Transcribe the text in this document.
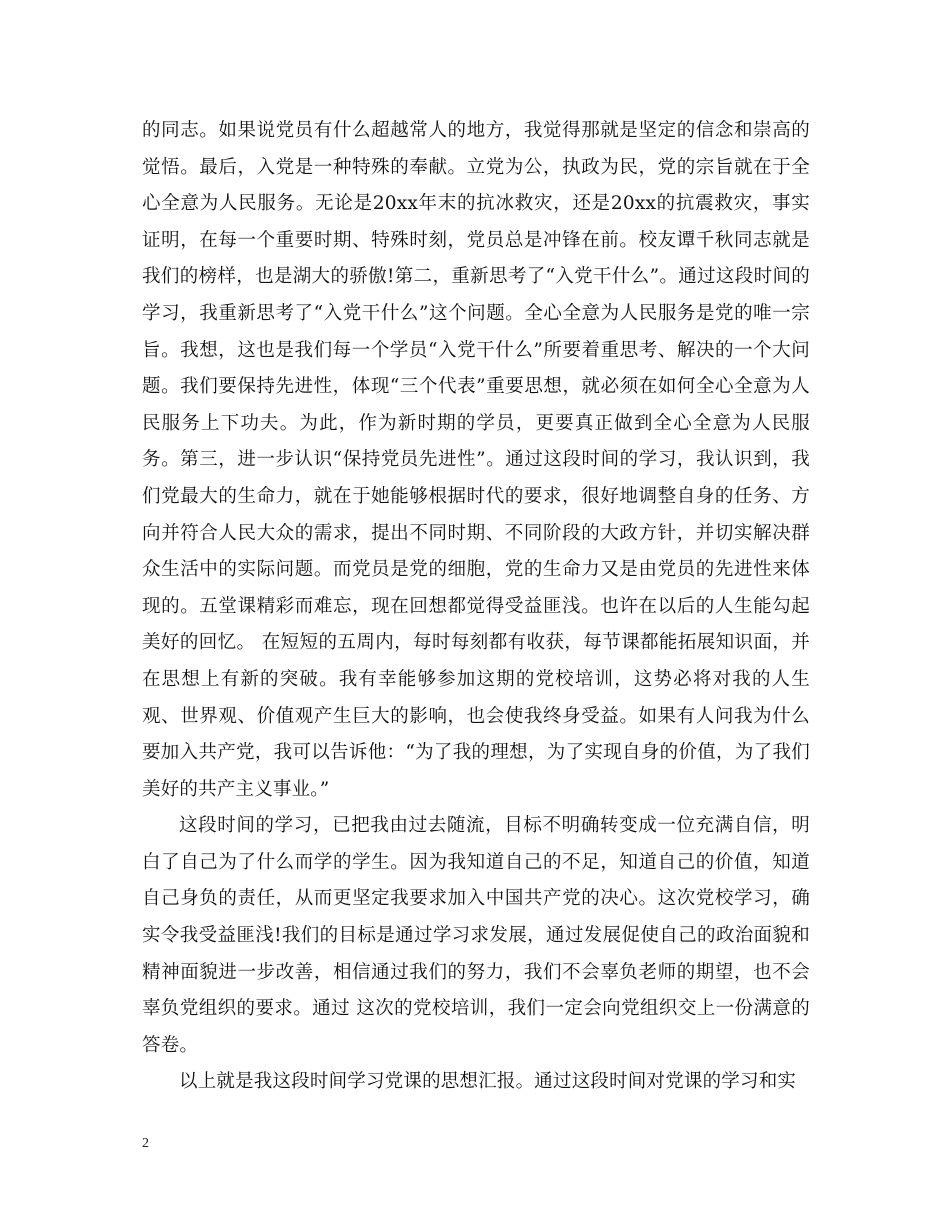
的同志。如果说党员有什么超越常人的地方，我觉得那就是坚定的信念和崇高的觉悟。最后，入党是一种特殊的奉献。立党为公，执政为民，党的宗旨就在于全心全意为人民服务。无论是20xx年末的抗冰救灾，还是20xx的抗震救灾，事实证明，在每一个重要时期、特殊时刻，党员总是冲锋在前。校友谭千秋同志就是我们的榜样，也是湖大的骄傲!第二，重新思考了“入党干什么”。通过这段时间的学习，我重新思考了“入党干什么”这个问题。全心全意为人民服务是党的唯一宗旨。我想，这也是我们每一个学员“入党干什么”所要着重思考、解决的一个大问题。我们要保持先进性，体现“三个代表”重要思想，就必须在如何全心全意为人民服务上下功夫。为此，作为新时期的学员，更要真正做到全心全意为人民服务。第三，进一步认识“保持党员先进性”。通过这段时间的学习，我认识到，我们党最大的生命力，就在于她能够根据时代的要求，很好地调整自身的任务、方向并符合人民大众的需求，提出不同时期、不同阶段的大政方针，并切实解决群众生活中的实际问题。而党员是党的细胞，党的生命力又是由党员的先进性来体现的。五堂课精彩而难忘，现在回想都觉得受益匪浅。也许在以后的人生能勾起美好的回忆。 在短短的五周内，每时每刻都有收获，每节课都能拓展知识面，并在思想上有新的突破。我有幸能够参加这期的党校培训，这势必将对我的人生观、世界观、价值观产生巨大的影响，也会使我终身受益。如果有人问我为什么要加入共产党，我可以告诉他：“为了我的理想，为了实现自身的价值，为了我们美好的共产主义事业。”

这段时间的学习，已把我由过去随流，目标不明确转变成一位充满自信，明白了自己为了什么而学的学生。因为我知道自己的不足，知道自己的价值，知道自己身负的责任，从而更坚定我要求加入中国共产党的决心。这次党校学习，确实令我受益匪浅!我们的目标是通过学习求发展，通过发展促使自己的政治面貌和精神面貌进一步改善，相信通过我们的努力，我们不会辜负老师的期望，也不会辜负党组织的要求。通过 这次的党校培训，我们一定会向党组织交上一份满意的答卷。

以上就是我这段时间学习党课的思想汇报。通过这段时间对党课的学习和实

2
